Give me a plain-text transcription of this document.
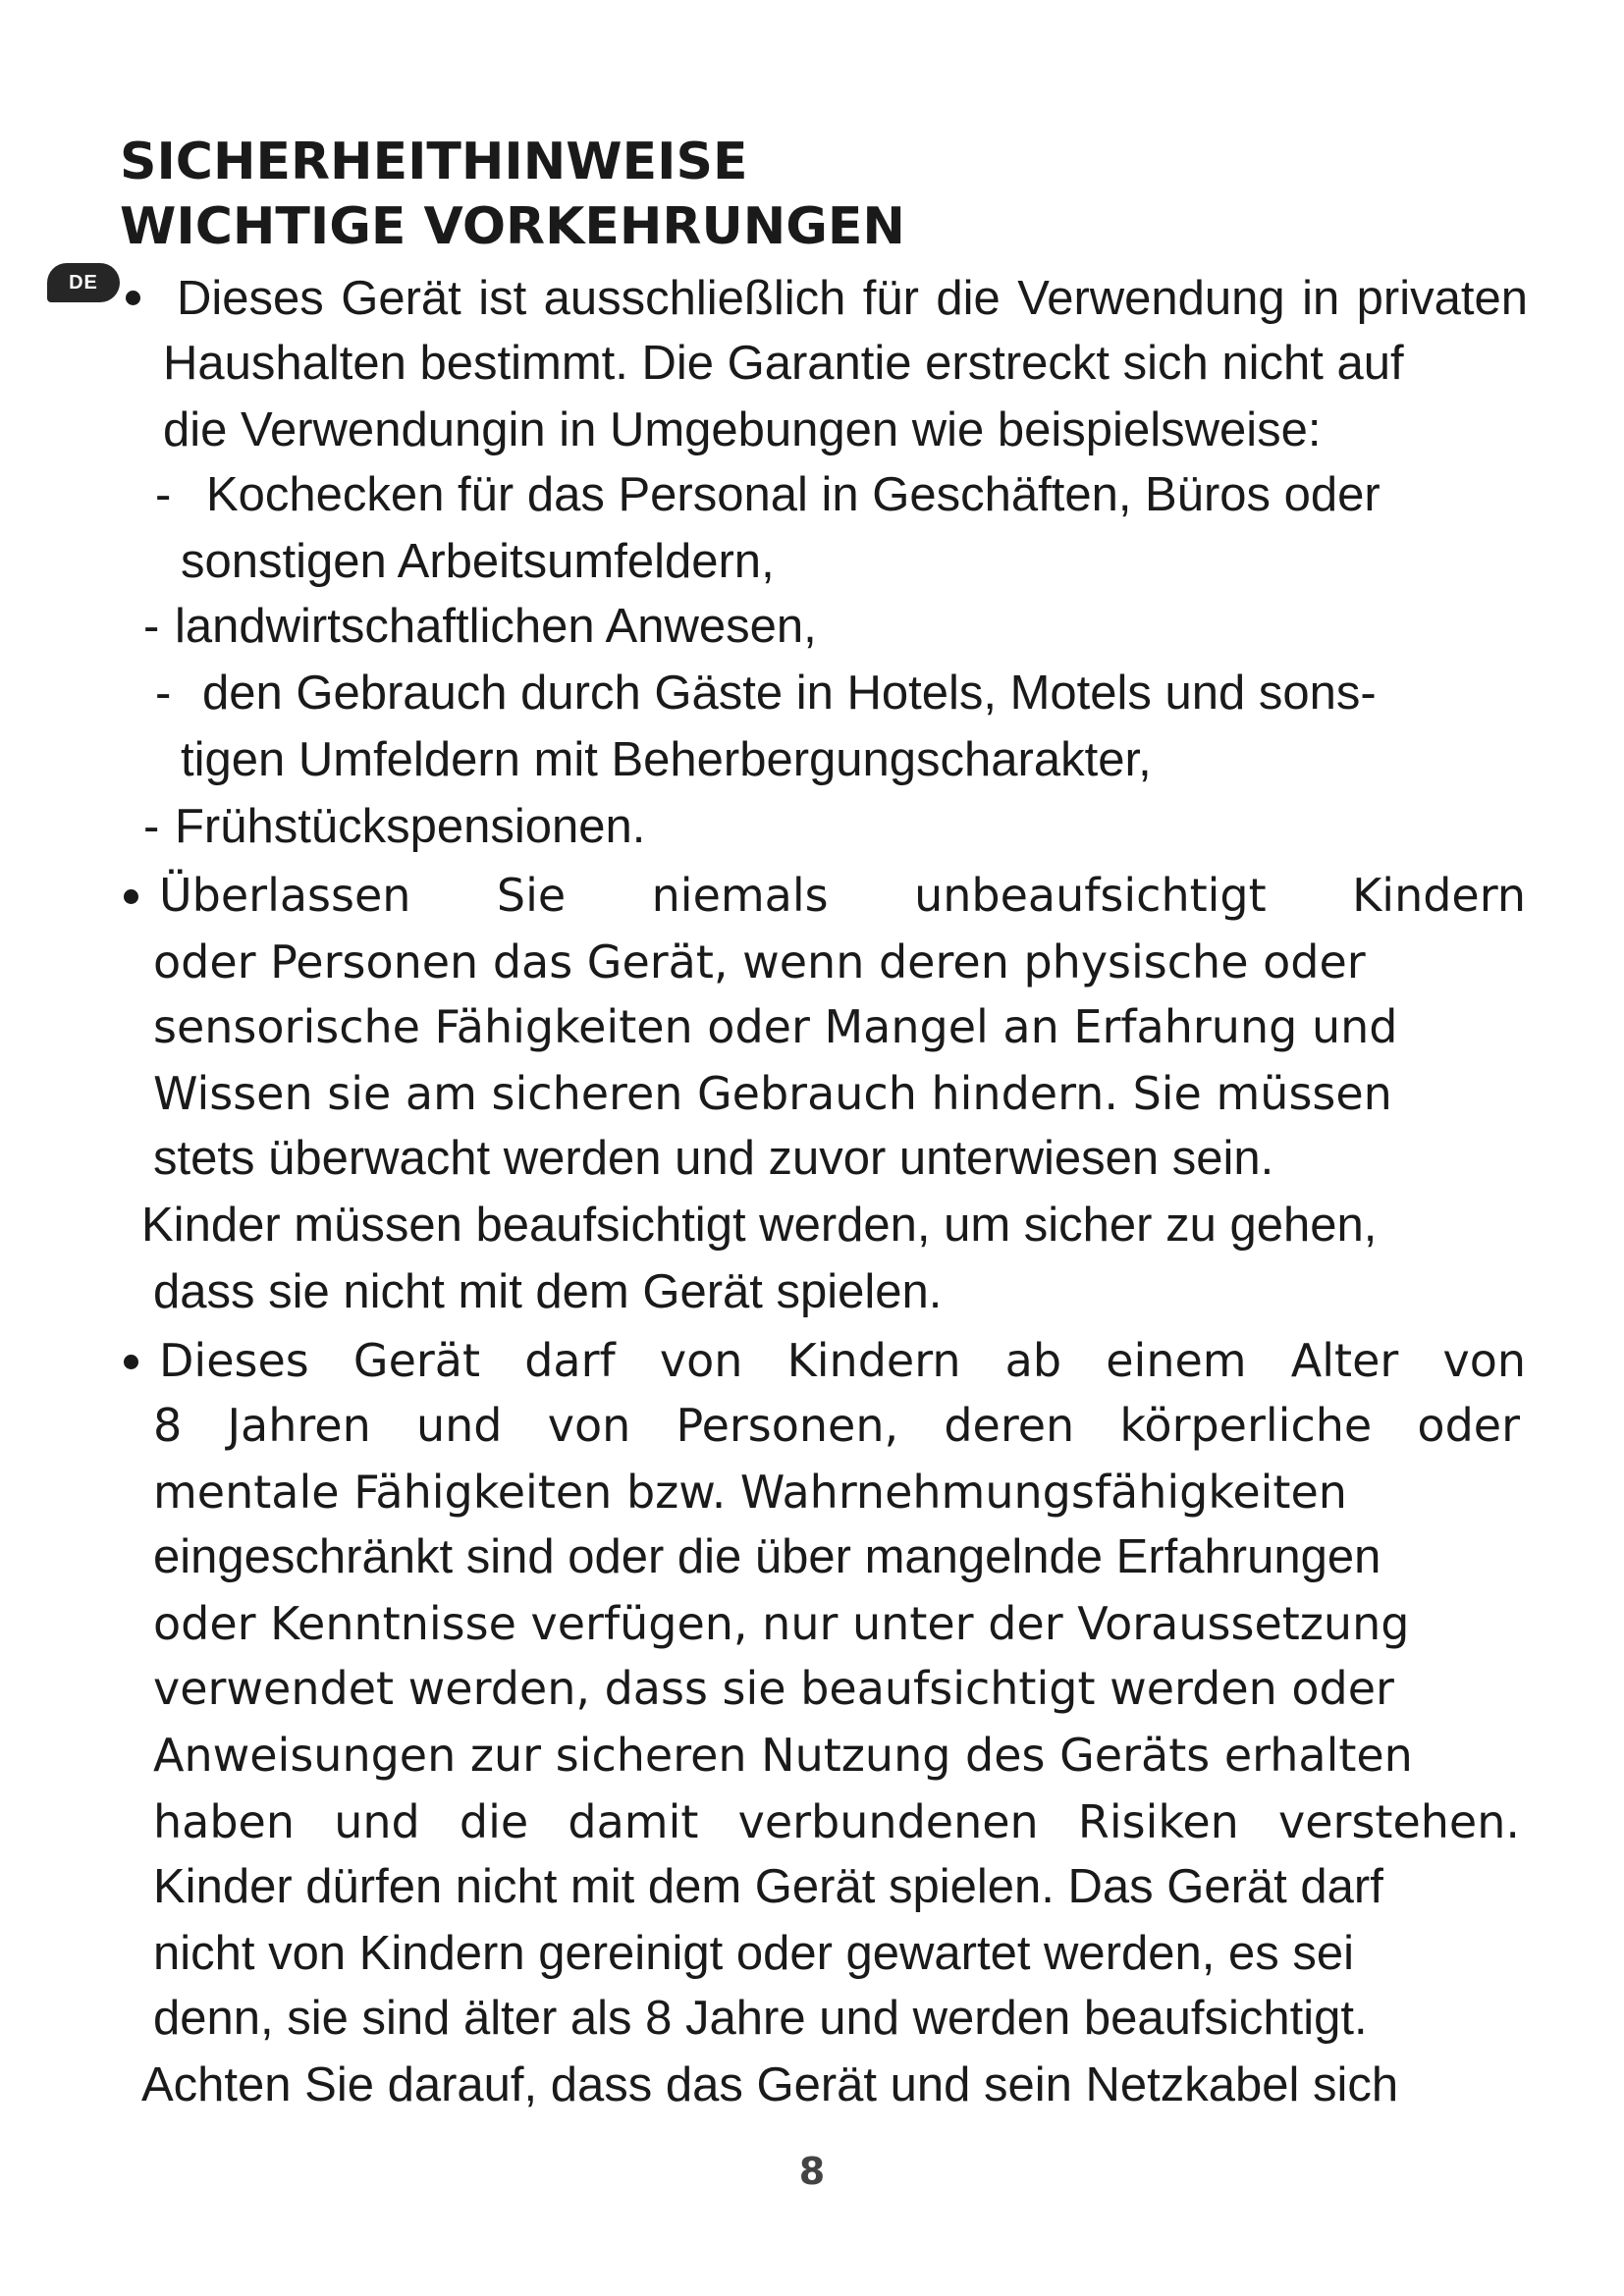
SICHERHEITHINWEISE
WICHTIGE VORKEHRUNGEN
DE	Dieses Gerät ist ausschließlich für die Verwendung in privaten

Haushalten bestimmt. Die Garantie erstreckt sich nicht auf

die Verwendungin in Umgebungen wie beispielsweise:

- Kochecken für das Personal in Geschäften, Büros oder

sonstigen Arbeitsumfeldern,

- landwirtschaftlichen Anwesen,

- den Gebrauch durch Gäste in Hotels, Motels und sons-

tigen Umfeldern mit Beherbergungscharakter,

- Frühstückspensionen.

Überlassen Sie niemals unbeaufsichtigt Kindern

oder Personen das Gerät, wenn deren physische oder

sensorische Fähigkeiten oder Mangel an Erfahrung und

Wissen sie am sicheren Gebrauch hindern. Sie müssen

stets überwacht werden und zuvor unterwiesen sein.

Kinder müssen beaufsichtigt werden, um sicher zu gehen,

dass sie nicht mit dem Gerät spielen.

Dieses Gerät darf von Kindern ab einem Alter von

8 Jahren und von Personen, deren körperliche oder

mentale Fähigkeiten bzw. Wahrnehmungsfähigkeiten

eingeschränkt sind oder die über mangelnde Erfahrungen

oder Kenntnisse verfügen, nur unter der Voraussetzung

verwendet werden, dass sie beaufsichtigt werden oder

Anweisungen zur sicheren Nutzung des Geräts erhalten

haben und die damit verbundenen Risiken verstehen.

Kinder dürfen nicht mit dem Gerät spielen. Das Gerät darf

nicht von Kindern gereinigt oder gewartet werden, es sei

denn, sie sind älter als 8 Jahre und werden beaufsichtigt.

Achten Sie darauf, dass das Gerät und sein Netzkabel sich

8
